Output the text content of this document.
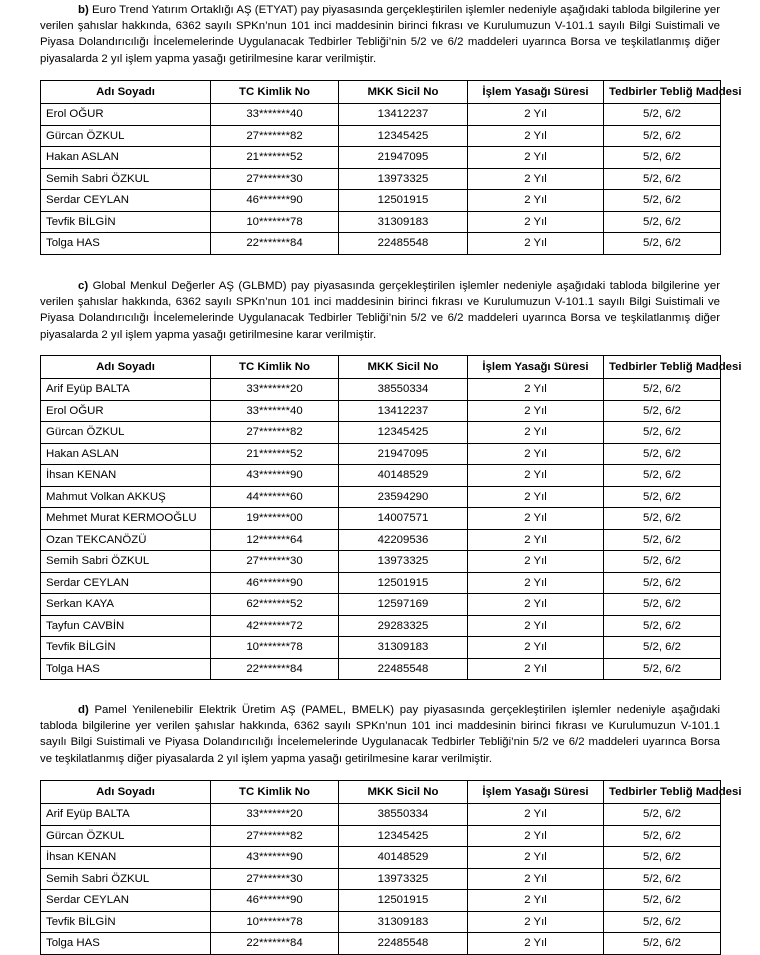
b) Euro Trend Yatırım Ortaklığı AŞ (ETYAT) pay piyasasında gerçekleştirilen işlemler nedeniyle aşağıdaki tabloda bilgilerine yer verilen şahıslar hakkında, 6362 sayılı SPKn’nun 101 inci maddesinin birinci fıkrası ve Kurulumuzun V-101.1 sayılı Bilgi Suistimali ve Piyasa Dolandırıcılığı İncelemelerinde Uygulanacak Tedbirler Tebliği’nin 5/2 ve 6/2 maddeleri uyarınca Borsa ve teşkilatlanmış diğer piyasalarda 2 yıl işlem yapma yasağı getirilmesine karar verilmiştir.

Adı Soyadı	TC Kimlik No	MKK Sicil No	İşlem Yasağı Süresi	Tedbirler Tebliğ Maddesi
Erol OĞUR	33*******40	13412237	2 Yıl	5/2, 6/2
Gürcan ÖZKUL	27*******82	12345425	2 Yıl	5/2, 6/2
Hakan ASLAN	21*******52	21947095	2 Yıl	5/2, 6/2
Semih Sabri ÖZKUL	27*******30	13973325	2 Yıl	5/2, 6/2
Serdar CEYLAN	46*******90	12501915	2 Yıl	5/2, 6/2
Tevfik BİLGİN	10*******78	31309183	2 Yıl	5/2, 6/2
Tolga HAS	22*******84	22485548	2 Yıl	5/2, 6/2

c) Global Menkul Değerler AŞ (GLBMD) pay piyasasında gerçekleştirilen işlemler nedeniyle aşağıdaki tabloda bilgilerine yer verilen şahıslar hakkında, 6362 sayılı SPKn’nun 101 inci maddesinin birinci fıkrası ve Kurulumuzun V-101.1 sayılı Bilgi Suistimali ve Piyasa Dolandırıcılığı İncelemelerinde Uygulanacak Tedbirler Tebliği’nin 5/2 ve 6/2 maddeleri uyarınca Borsa ve teşkilatlanmış diğer piyasalarda 2 yıl işlem yapma yasağı getirilmesine karar verilmiştir.

Adı Soyadı	TC Kimlik No	MKK Sicil No	İşlem Yasağı Süresi	Tedbirler Tebliğ Maddesi
Arif Eyüp BALTA	33*******20	38550334	2 Yıl	5/2, 6/2
Erol OĞUR	33*******40	13412237	2 Yıl	5/2, 6/2
Gürcan ÖZKUL	27*******82	12345425	2 Yıl	5/2, 6/2
Hakan ASLAN	21*******52	21947095	2 Yıl	5/2, 6/2
İhsan KENAN	43*******90	40148529	2 Yıl	5/2, 6/2
Mahmut Volkan AKKUŞ	44*******60	23594290	2 Yıl	5/2, 6/2
Mehmet Murat KERMOOĞLU	19*******00	14007571	2 Yıl	5/2, 6/2
Ozan TEKCANÖZÜ	12*******64	42209536	2 Yıl	5/2, 6/2
Semih Sabri ÖZKUL	27*******30	13973325	2 Yıl	5/2, 6/2
Serdar CEYLAN	46*******90	12501915	2 Yıl	5/2, 6/2
Serkan KAYA	62*******52	12597169	2 Yıl	5/2, 6/2
Tayfun CAVBİN	42*******72	29283325	2 Yıl	5/2, 6/2
Tevfik BİLGİN	10*******78	31309183	2 Yıl	5/2, 6/2
Tolga HAS	22*******84	22485548	2 Yıl	5/2, 6/2

d) Pamel Yenilenebilir Elektrik Üretim AŞ (PAMEL, BMELK) pay piyasasında gerçekleştirilen işlemler nedeniyle aşağıdaki tabloda bilgilerine yer verilen şahıslar hakkında, 6362 sayılı SPKn’nun 101 inci maddesinin birinci fıkrası ve Kurulumuzun V-101.1 sayılı Bilgi Suistimali ve Piyasa Dolandırıcılığı İncelemelerinde Uygulanacak Tedbirler Tebliği’nin 5/2 ve 6/2 maddeleri uyarınca Borsa ve teşkilatlanmış diğer piyasalarda 2 yıl işlem yapma yasağı getirilmesine karar verilmiştir.

Adı Soyadı	TC Kimlik No	MKK Sicil No	İşlem Yasağı Süresi	Tedbirler Tebliğ Maddesi
Arif Eyüp BALTA	33*******20	38550334	2 Yıl	5/2, 6/2
Gürcan ÖZKUL	27*******82	12345425	2 Yıl	5/2, 6/2
İhsan KENAN	43*******90	40148529	2 Yıl	5/2, 6/2
Semih Sabri ÖZKUL	27*******30	13973325	2 Yıl	5/2, 6/2
Serdar CEYLAN	46*******90	12501915	2 Yıl	5/2, 6/2
Tevfik BİLGİN	10*******78	31309183	2 Yıl	5/2, 6/2
Tolga HAS	22*******84	22485548	2 Yıl	5/2, 6/2
